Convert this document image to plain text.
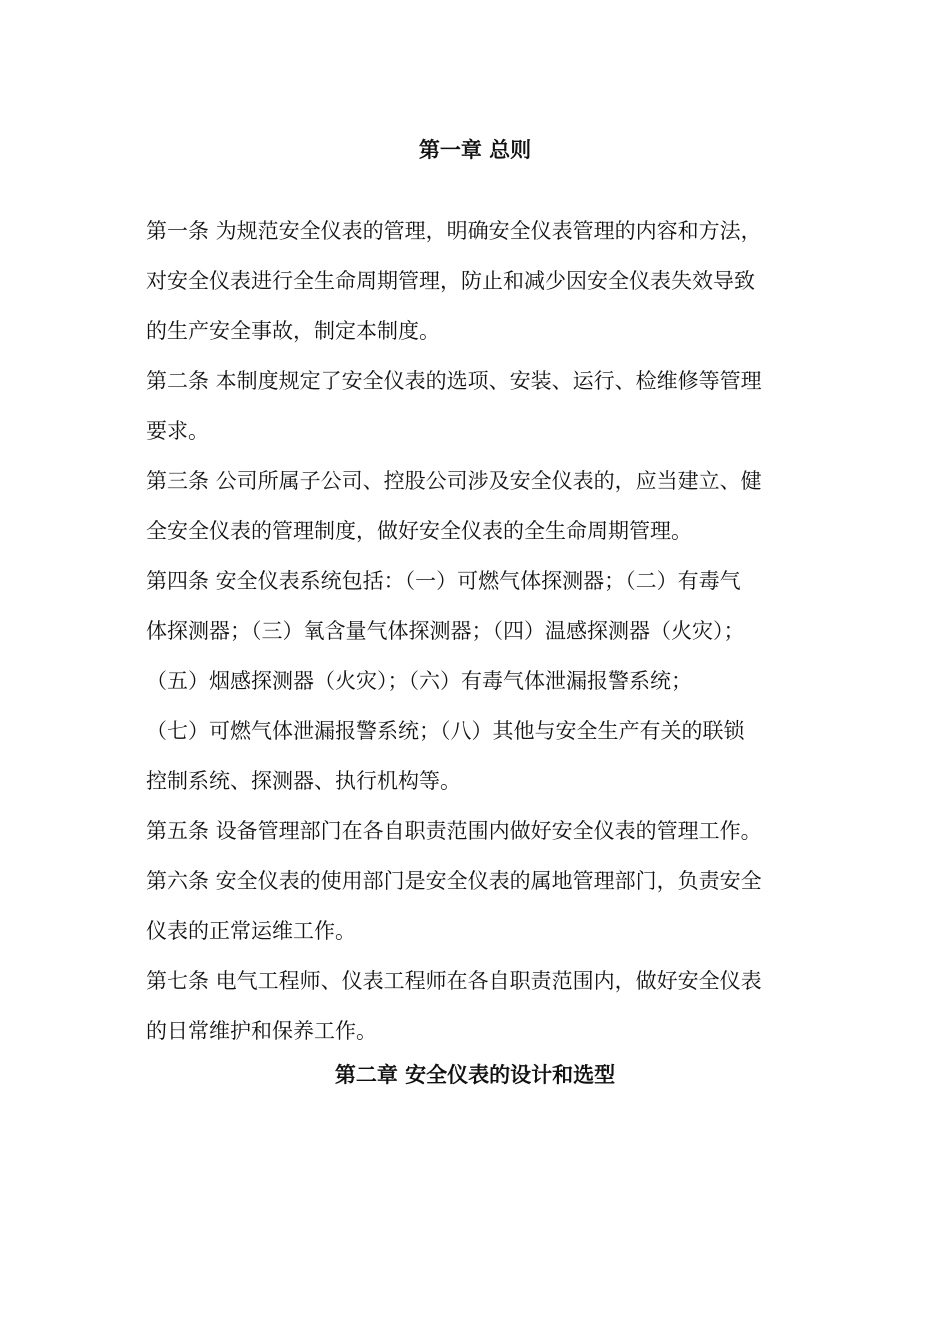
第一章 总则
第一条 为规范安全仪表的管理，明确安全仪表管理的内容和方法，
对安全仪表进行全生命周期管理，防止和减少因安全仪表失效导致
的生产安全事故，制定本制度。
第二条 本制度规定了安全仪表的选项、安装、运行、检维修等管理
要求。
第三条 公司所属子公司、控股公司涉及安全仪表的，应当建立、健
全安全仪表的管理制度，做好安全仪表的全生命周期管理。
第四条 安全仪表系统包括：（一）可燃气体探测器；（二）有毒气
体探测器；（三）氧含量气体探测器；（四）温感探测器（火灾）；
（五）烟感探测器（火灾）；（六）有毒气体泄漏报警系统；
（七）可燃气体泄漏报警系统；（八）其他与安全生产有关的联锁
控制系统、探测器、执行机构等。
第五条 设备管理部门在各自职责范围内做好安全仪表的管理工作。
第六条 安全仪表的使用部门是安全仪表的属地管理部门，负责安全
仪表的正常运维工作。
第七条 电气工程师、仪表工程师在各自职责范围内，做好安全仪表
的日常维护和保养工作。
第二章 安全仪表的设计和选型
